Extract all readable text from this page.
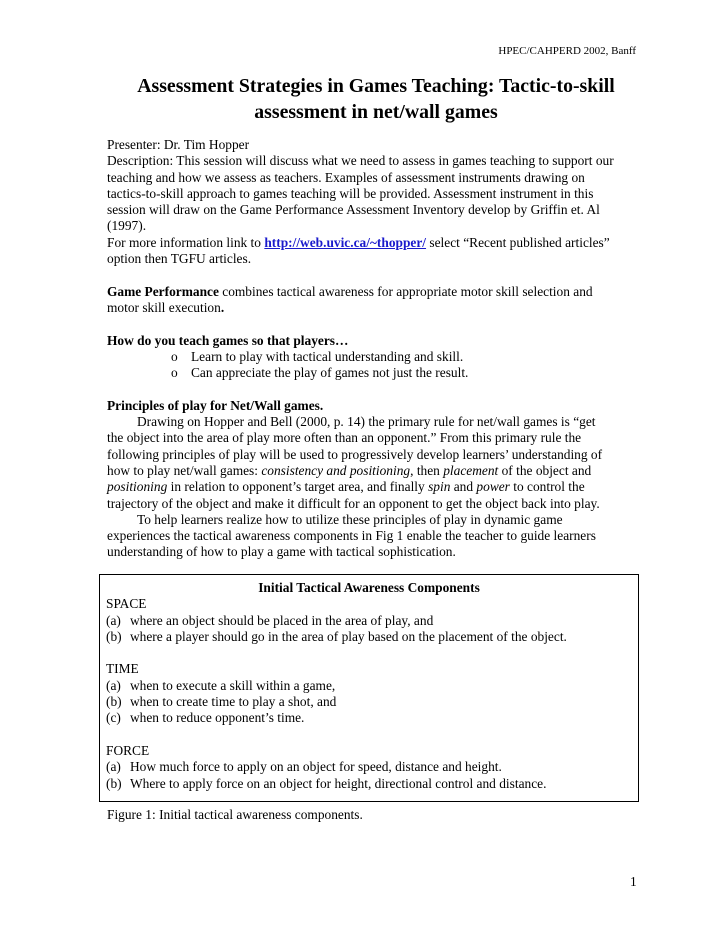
HPEC/CAHPERD 2002, Banff
Assessment Strategies in Games Teaching: Tactic-to-skill
assessment in net/wall games
Presenter: Dr. Tim Hopper
Description: This session will discuss what we need to assess in games teaching to support our
teaching and how we assess as teachers. Examples of assessment instruments drawing on
tactics-to-skill approach to games teaching will be provided. Assessment instrument in this
session will draw on the Game Performance Assessment Inventory develop by Griffin et. Al
(1997).
For more information link to http://web.uvic.ca/~thopper/ select “Recent published articles”
option then TGFU articles.
Game Performance combines tactical awareness for appropriate motor skill selection and
motor skill execution.
How do you teach games so that players…
o Learn to play with tactical understanding and skill.
o Can appreciate the play of games not just the result.
Principles of play for Net/Wall games.
Drawing on Hopper and Bell (2000, p. 14) the primary rule for net/wall games is “get
the object into the area of play more often than an opponent.” From this primary rule the
following principles of play will be used to progressively develop learners’ understanding of
how to play net/wall games: consistency and positioning, then placement of the object and
positioning in relation to opponent’s target area, and finally spin and power to control the
trajectory of the object and make it difficult for an opponent to get the object back into play.
To help learners realize how to utilize these principles of play in dynamic game
experiences the tactical awareness components in Fig 1 enable the teacher to guide learners
understanding of how to play a game with tactical sophistication.
Initial Tactical Awareness Components
SPACE
(a) where an object should be placed in the area of play, and
(b) where a player should go in the area of play based on the placement of the object.
TIME
(a) when to execute a skill within a game,
(b) when to create time to play a shot, and
(c) when to reduce opponent’s time.
FORCE
(a) How much force to apply on an object for speed, distance and height.
(b) Where to apply force on an object for height, directional control and distance.
Figure 1: Initial tactical awareness components.
1
